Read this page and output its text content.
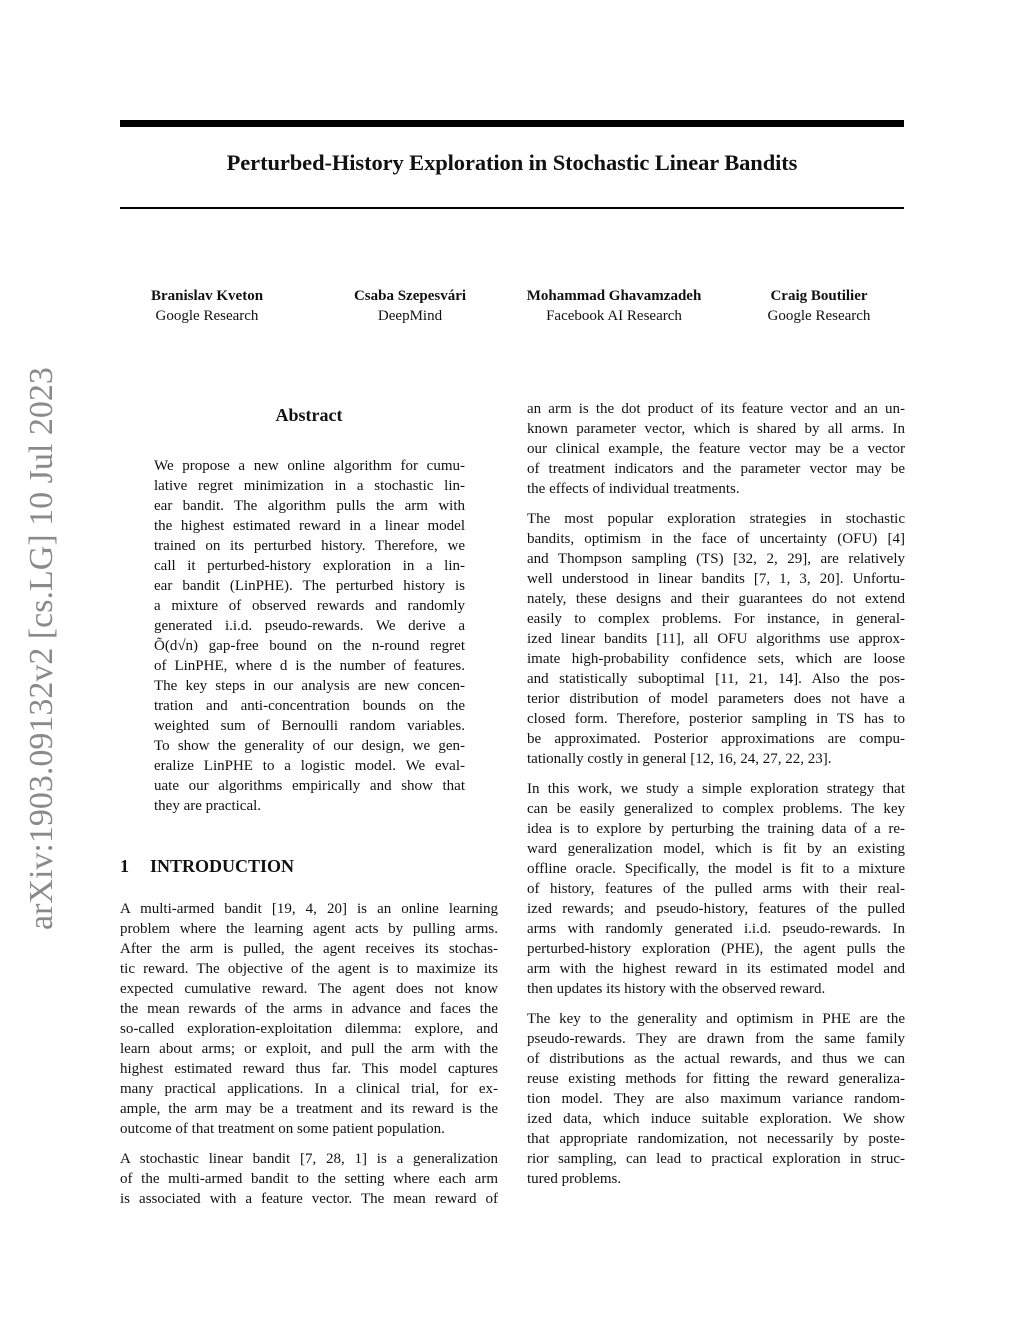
Perturbed-History Exploration in Stochastic Linear Bandits
Branislav Kveton
Google Research
Csaba Szepesvári
DeepMind
Mohammad Ghavamzadeh
Facebook AI Research
Craig Boutilier
Google Research
arXiv:1903.09132v2 [cs.LG] 10 Jul 2023	Abstract
We propose a new online algorithm for cumu-
lative regret minimization in a stochastic lin-
ear bandit. The algorithm pulls the arm with
the highest estimated reward in a linear model
trained on its perturbed history. Therefore, we
call it perturbed-history exploration in a lin-
ear bandit (LinPHE). The perturbed history is
a mixture of observed rewards and randomly
generated i.i.d. pseudo-rewards. We derive a
Õ(d√n) gap-free bound on the n-round regret
of LinPHE, where d is the number of features.
The key steps in our analysis are new concen-
tration and anti-concentration bounds on the
weighted sum of Bernoulli random variables.
To show the generality of our design, we gen-
eralize LinPHE to a logistic model. We eval-
uate our algorithms empirically and show that
they are practical.
1 INTRODUCTION
A multi-armed bandit [19, 4, 20] is an online learning
problem where the learning agent acts by pulling arms.
After the arm is pulled, the agent receives its stochas-
tic reward. The objective of the agent is to maximize its
expected cumulative reward. The agent does not know
the mean rewards of the arms in advance and faces the
so-called exploration-exploitation dilemma: explore, and
learn about arms; or exploit, and pull the arm with the
highest estimated reward thus far. This model captures
many practical applications. In a clinical trial, for ex-
ample, the arm may be a treatment and its reward is the
outcome of that treatment on some patient population.
A stochastic linear bandit [7, 28, 1] is a generalization
of the multi-armed bandit to the setting where each arm
is associated with a feature vector. The mean reward of
an arm is the dot product of its feature vector and an un-
known parameter vector, which is shared by all arms. In
our clinical example, the feature vector may be a vector
of treatment indicators and the parameter vector may be
the effects of individual treatments.
The most popular exploration strategies in stochastic
bandits, optimism in the face of uncertainty (OFU) [4]
and Thompson sampling (TS) [32, 2, 29], are relatively
well understood in linear bandits [7, 1, 3, 20]. Unfortu-
nately, these designs and their guarantees do not extend
easily to complex problems. For instance, in general-
ized linear bandits [11], all OFU algorithms use approx-
imate high-probability confidence sets, which are loose
and statistically suboptimal [11, 21, 14]. Also the pos-
terior distribution of model parameters does not have a
closed form. Therefore, posterior sampling in TS has to
be approximated. Posterior approximations are compu-
tationally costly in general [12, 16, 24, 27, 22, 23].
In this work, we study a simple exploration strategy that
can be easily generalized to complex problems. The key
idea is to explore by perturbing the training data of a re-
ward generalization model, which is fit by an existing
offline oracle. Specifically, the model is fit to a mixture
of history, features of the pulled arms with their real-
ized rewards; and pseudo-history, features of the pulled
arms with randomly generated i.i.d. pseudo-rewards. In
perturbed-history exploration (PHE), the agent pulls the
arm with the highest reward in its estimated model and
then updates its history with the observed reward.
The key to the generality and optimism in PHE are the
pseudo-rewards. They are drawn from the same family
of distributions as the actual rewards, and thus we can
reuse existing methods for fitting the reward generaliza-
tion model. They are also maximum variance random-
ized data, which induce suitable exploration. We show
that appropriate randomization, not necessarily by poste-
rior sampling, can lead to practical exploration in struc-
tured problems.
